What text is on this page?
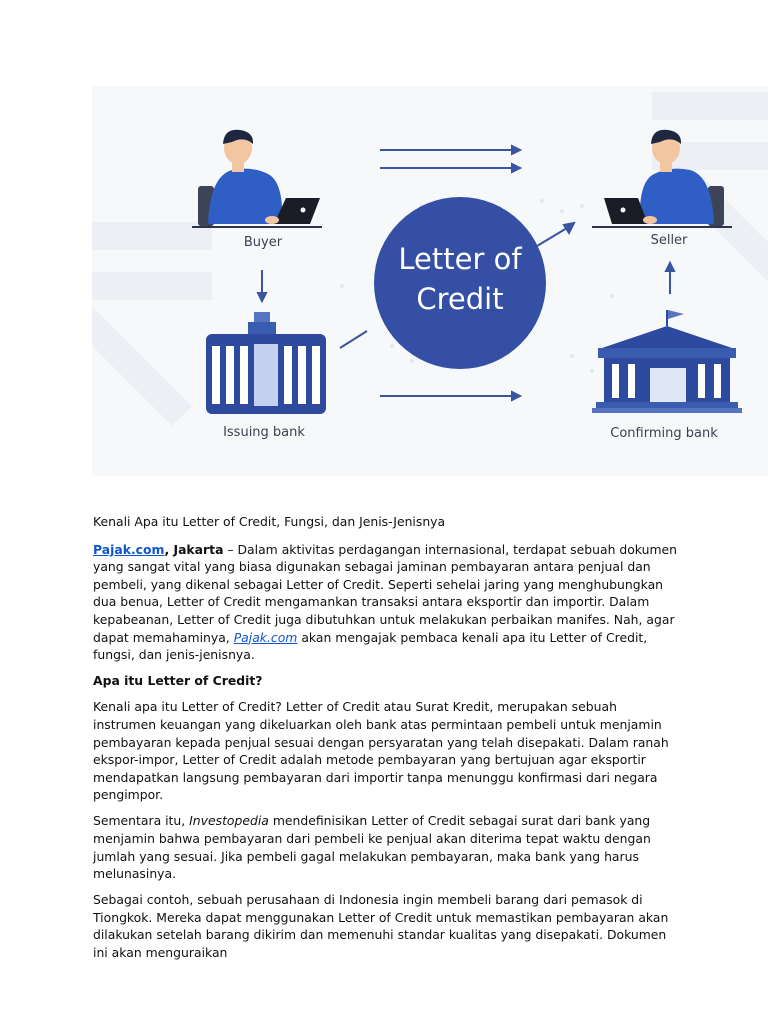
Letter of
Credit
Buyer	Seller
Issuing bank	Confirming bank

Kenali Apa itu Letter of Credit, Fungsi, dan Jenis-Jenisnya

Pajak.com, Jakarta – Dalam aktivitas perdagangan internasional, terdapat sebuah dokumen yang sangat vital yang biasa digunakan sebagai jaminan pembayaran antara penjual dan pembeli, yang dikenal sebagai Letter of Credit. Seperti sehelai jaring yang menghubungkan dua benua, Letter of Credit mengamankan transaksi antara eksportir dan importir. Dalam kepabeanan, Letter of Credit juga dibutuhkan untuk melakukan perbaikan manifes. Nah, agar dapat memahaminya, Pajak.com akan mengajak pembaca kenali apa itu Letter of Credit, fungsi, dan jenis-jenisnya.

Apa itu Letter of Credit?

Kenali apa itu Letter of Credit? Letter of Credit atau Surat Kredit, merupakan sebuah instrumen keuangan yang dikeluarkan oleh bank atas permintaan pembeli untuk menjamin pembayaran kepada penjual sesuai dengan persyaratan yang telah disepakati. Dalam ranah ekspor-impor, Letter of Credit adalah metode pembayaran yang bertujuan agar eksportir mendapatkan langsung pembayaran dari importir tanpa menunggu konfirmasi dari negara pengimpor.

Sementara itu, Investopedia mendefinisikan Letter of Credit sebagai surat dari bank yang menjamin bahwa pembayaran dari pembeli ke penjual akan diterima tepat waktu dengan jumlah yang sesuai. Jika pembeli gagal melakukan pembayaran, maka bank yang harus melunasinya.

Sebagai contoh, sebuah perusahaan di Indonesia ingin membeli barang dari pemasok di Tiongkok. Mereka dapat menggunakan Letter of Credit untuk memastikan pembayaran akan dilakukan setelah barang dikirim dan memenuhi standar kualitas yang disepakati. Dokumen ini akan menguraikan
